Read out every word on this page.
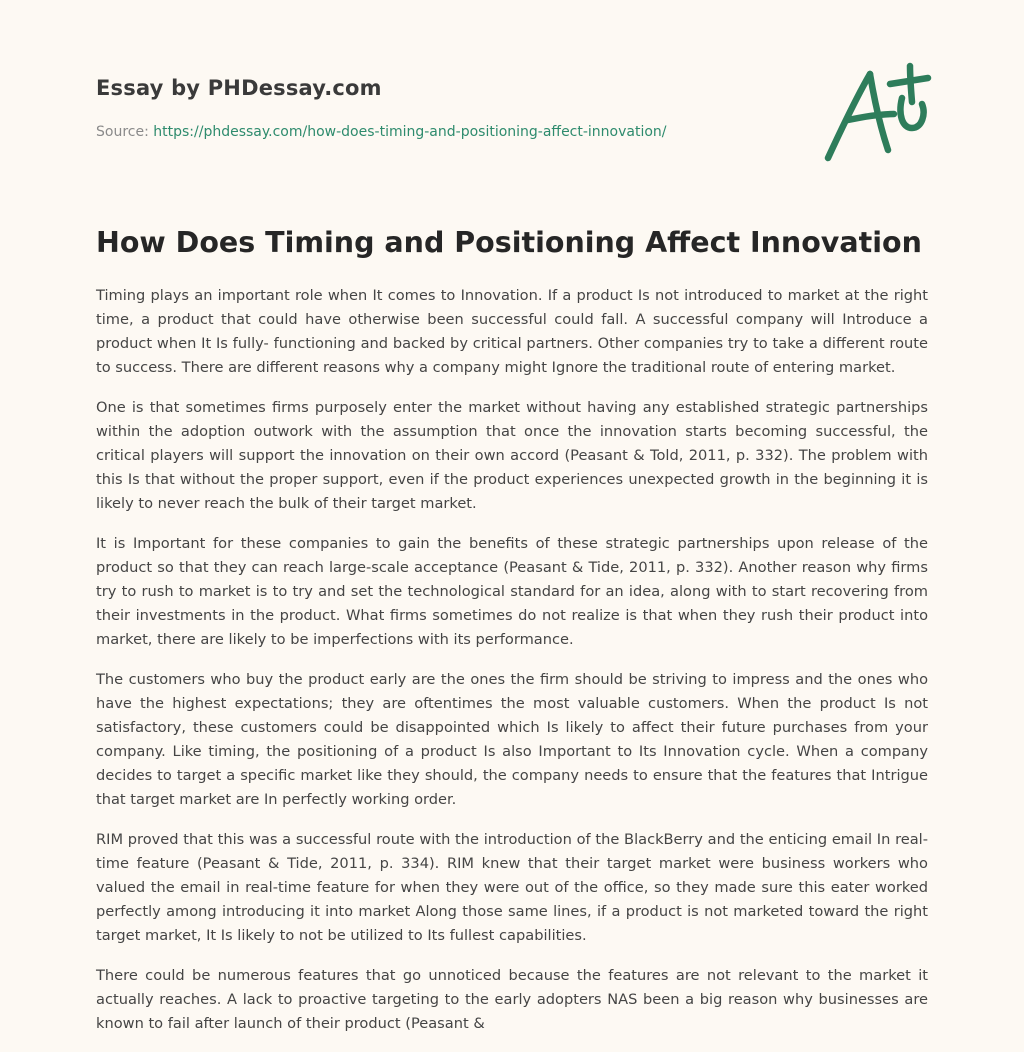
Essay by PHDessay.com
Source: https://phdessay.com/how-does-timing-and-positioning-affect-innovation/
How Does Timing and Positioning Affect Innovation

Timing plays an important role when It comes to Innovation. If a product Is not introduced to market at the right time, a product that could have otherwise been successful could fall. A successful company will Introduce a product when It Is fully- functioning and backed by critical partners. Other companies try to take a different route to success. There are different reasons why a company might Ignore the traditional route of entering market.

One is that sometimes firms purposely enter the market without having any established strategic partnerships within the adoption outwork with the assumption that once the innovation starts becoming successful, the critical players will support the innovation on their own accord (Peasant & Told, 2011, p. 332). The problem with this Is that without the proper support, even if the product experiences unexpected growth in the beginning it is likely to never reach the bulk of their target market.

It is Important for these companies to gain the benefits of these strategic partnerships upon release of the product so that they can reach large-scale acceptance (Peasant & Tide, 2011, p. 332). Another reason why firms try to rush to market is to try and set the technological standard for an idea, along with to start recovering from their investments in the product. What firms sometimes do not realize is that when they rush their product into market, there are likely to be imperfections with its performance.

The customers who buy the product early are the ones the firm should be striving to impress and the ones who have the highest expectations; they are oftentimes the most valuable customers. When the product Is not satisfactory, these customers could be disappointed which Is likely to affect their future purchases from your company. Like timing, the positioning of a product Is also Important to Its Innovation cycle. When a company decides to target a specific market like they should, the company needs to ensure that the features that Intrigue that target market are In perfectly working order.

RIM proved that this was a successful route with the introduction of the BlackBerry and the enticing email In real-time feature (Peasant & Tide, 2011, p. 334). RIM knew that their target market were business workers who valued the email in real-time feature for when they were out of the office, so they made sure this eater worked perfectly among introducing it into market Along those same lines, if a product is not marketed toward the right target market, It Is likely to not be utilized to Its fullest capabilities.

There could be numerous features that go unnoticed because the features are not relevant to the market it actually reaches. A lack to proactive targeting to the early adopters NAS been a big reason why businesses are known to fail after launch of their product (Peasant &
